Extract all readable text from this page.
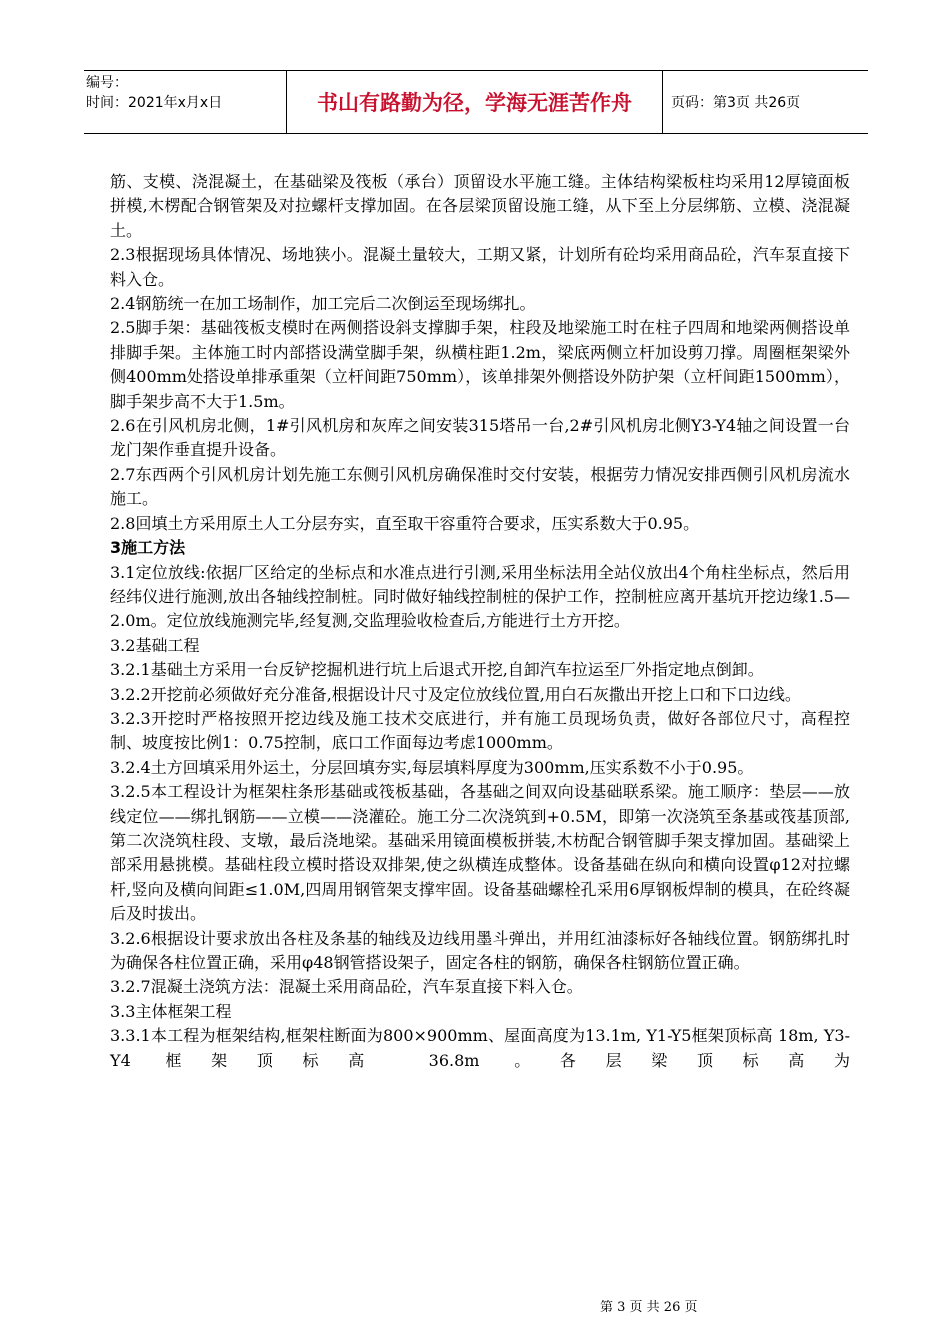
编号：
时间：2021年x月x日	书山有路勤为径，学海无涯苦作舟	页码：第3页 共26页

筋、支模、浇混凝土，在基础梁及筏板（承台）顶留设水平施工缝。主体结构梁板柱均采用12厚镜面板拼模,木楞配合钢管架及对拉螺杆支撑加固。在各层梁顶留设施工缝，从下至上分层绑筋、立模、浇混凝土。

2.3根据现场具体情况、场地狭小。混凝土量较大，工期又紧，计划所有砼均采用商品砼，汽车泵直接下料入仓。

2.4钢筋统一在加工场制作，加工完后二次倒运至现场绑扎。

2.5脚手架：基础筏板支模时在两侧搭设斜支撑脚手架，柱段及地梁施工时在柱子四周和地梁两侧搭设单排脚手架。主体施工时内部搭设满堂脚手架，纵横柱距1.2m，梁底两侧立杆加设剪刀撑。周圈框架梁外侧400mm处搭设单排承重架（立杆间距750mm），该单排架外侧搭设外防护架（立杆间距1500mm），脚手架步高不大于1.5m。

2.6在引风机房北侧，1#引风机房和灰库之间安装315塔吊一台,2#引风机房北侧Y3-Y4轴之间设置一台龙门架作垂直提升设备。

2.7东西两个引风机房计划先施工东侧引风机房确保准时交付安装，根据劳力情况安排西侧引风机房流水施工。

2.8回填土方采用原土人工分层夯实，直至取干容重符合要求，压实系数大于0.95。

3施工方法

3.1定位放线:依据厂区给定的坐标点和水准点进行引测,采用坐标法用全站仪放出4个角柱坐标点，然后用经纬仪进行施测,放出各轴线控制桩。同时做好轴线控制桩的保护工作，控制桩应离开基坑开挖边缘1.5—2.0m。定位放线施测完毕,经复测,交监理验收检查后,方能进行土方开挖。

3.2基础工程

3.2.1基础土方采用一台反铲挖掘机进行坑上后退式开挖,自卸汽车拉运至厂外指定地点倒卸。

3.2.2开挖前必须做好充分准备,根据设计尺寸及定位放线位置,用白石灰撒出开挖上口和下口边线。

3.2.3开挖时严格按照开挖边线及施工技术交底进行，并有施工员现场负责，做好各部位尺寸，高程控制、坡度按比例1：0.75控制，底口工作面每边考虑1000mm。

3.2.4土方回填采用外运土，分层回填夯实,每层填料厚度为300mm,压实系数不小于0.95。

3.2.5本工程设计为框架柱条形基础或筏板基础，各基础之间双向设基础联系梁。施工顺序：垫层——放线定位——绑扎钢筋——立模——浇灌砼。施工分二次浇筑到+0.5M，即第一次浇筑至条基或筏基顶部,第二次浇筑柱段、支墩，最后浇地梁。基础采用镜面模板拼装,木枋配合钢管脚手架支撑加固。基础梁上部采用悬挑模。基础柱段立模时搭设双排架,使之纵横连成整体。设备基础在纵向和横向设置φ12对拉螺杆,竖向及横向间距≤1.0M,四周用钢管架支撑牢固。设备基础螺栓孔采用6厚钢板焊制的模具，在砼终凝后及时拔出。

3.2.6根据设计要求放出各柱及条基的轴线及边线用墨斗弹出，并用红油漆标好各轴线位置。钢筋绑扎时为确保各柱位置正确，采用φ48钢管搭设架子，固定各柱的钢筋，确保各柱钢筋位置正确。

3.2.7混凝土浇筑方法：混凝土采用商品砼，汽车泵直接下料入仓。

3.3主体框架工程

3.3.1本工程为框架结构,框架柱断面为800×900mm、屋面高度为13.1m, Y1-Y5框架顶标高 18m, Y3-Y4 框架顶标高 36.8m 。各层梁顶标高为

第 3 页 共 26 页
